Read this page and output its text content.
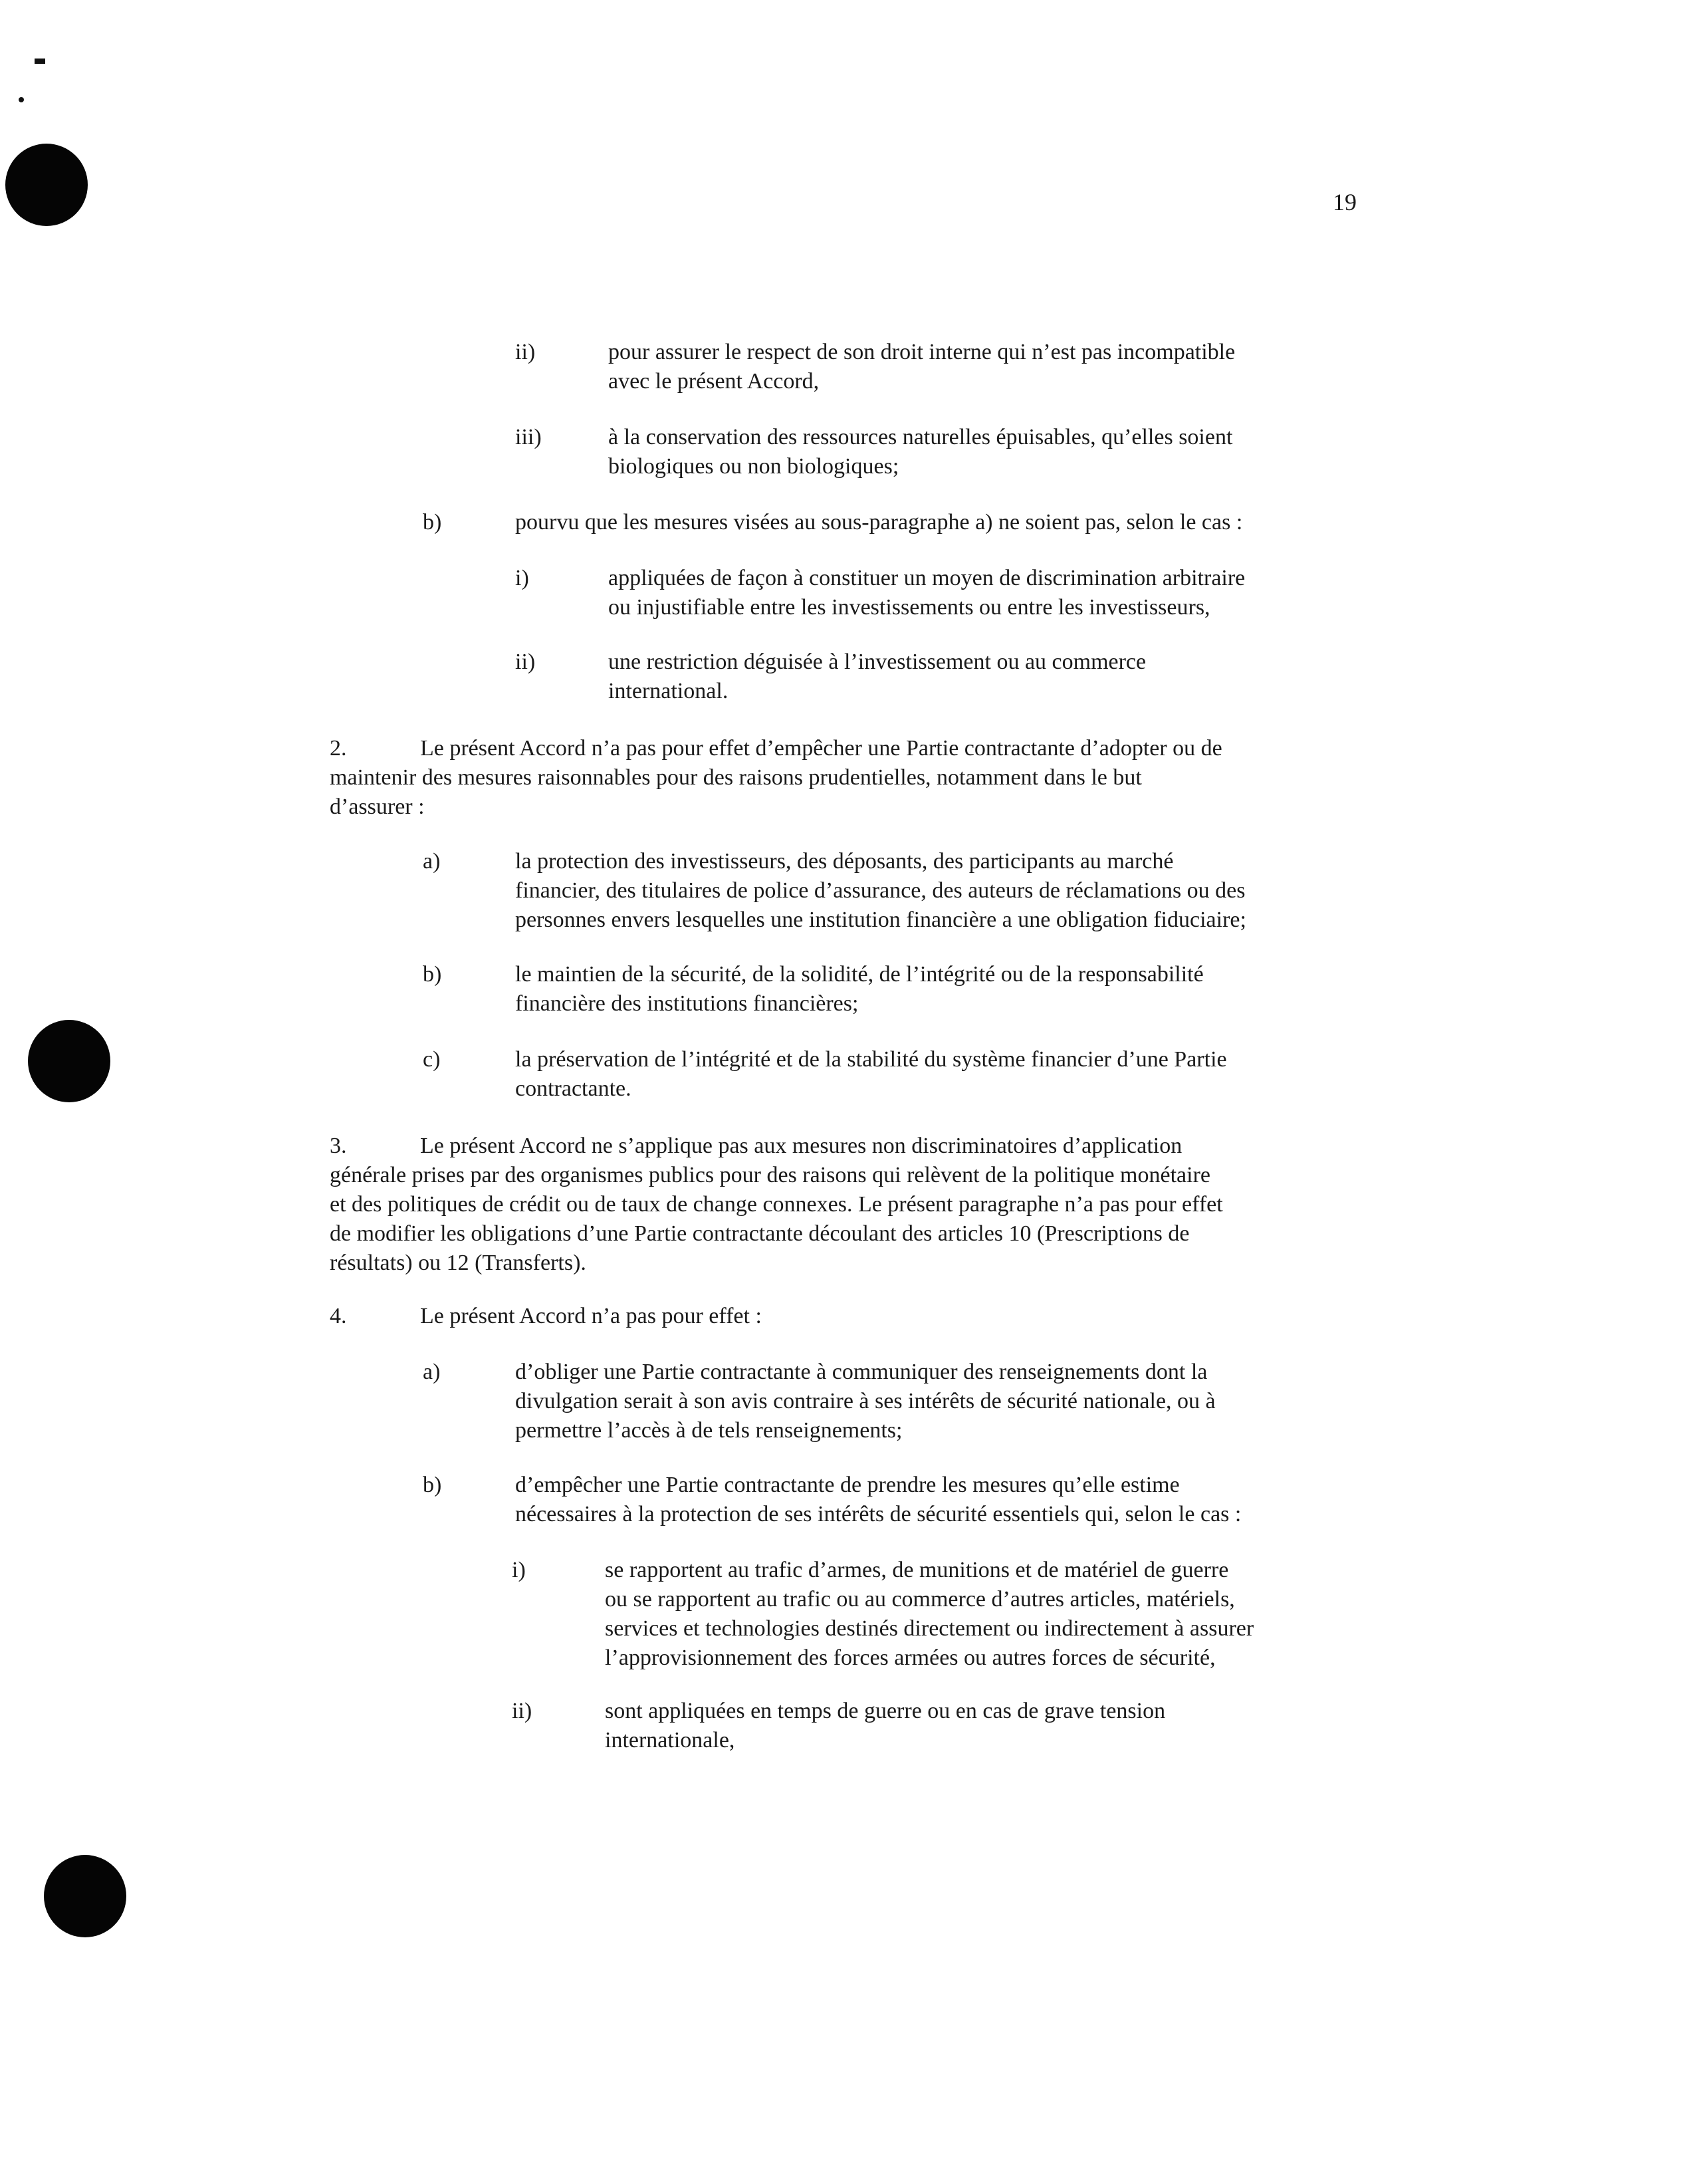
19
ii)	pour assurer le respect de son droit interne qui n’est pas incompatible
avec le présent Accord,
iii)	à la conservation des ressources naturelles épuisables, qu’elles soient
biologiques ou non biologiques;
b)	pourvu que les mesures visées au sous-paragraphe a) ne soient pas, selon le cas :
i)	appliquées de façon à constituer un moyen de discrimination arbitraire
ou injustifiable entre les investissements ou entre les investisseurs,
ii)	une restriction déguisée à l’investissement ou au commerce
international.
2.	Le présent Accord n’a pas pour effet d’empêcher une Partie contractante d’adopter ou de
maintenir des mesures raisonnables pour des raisons prudentielles, notamment dans le but
d’assurer :
a)	la protection des investisseurs, des déposants, des participants au marché
financier, des titulaires de police d’assurance, des auteurs de réclamations ou des
personnes envers lesquelles une institution financière a une obligation fiduciaire;
b)	le maintien de la sécurité, de la solidité, de l’intégrité ou de la responsabilité
financière des institutions financières;
c)	la préservation de l’intégrité et de la stabilité du système financier d’une Partie
contractante.
3.	Le présent Accord ne s’applique pas aux mesures non discriminatoires d’application
générale prises par des organismes publics pour des raisons qui relèvent de la politique monétaire
et des politiques de crédit ou de taux de change connexes. Le présent paragraphe n’a pas pour effet
de modifier les obligations d’une Partie contractante découlant des articles 10 (Prescriptions de
résultats) ou 12 (Transferts).
4.	Le présent Accord n’a pas pour effet :
a)	d’obliger une Partie contractante à communiquer des renseignements dont la
divulgation serait à son avis contraire à ses intérêts de sécurité nationale, ou à
permettre l’accès à de tels renseignements;
b)	d’empêcher une Partie contractante de prendre les mesures qu’elle estime
nécessaires à la protection de ses intérêts de sécurité essentiels qui, selon le cas :
i)	se rapportent au trafic d’armes, de munitions et de matériel de guerre
ou se rapportent au trafic ou au commerce d’autres articles, matériels,
services et technologies destinés directement ou indirectement à assurer
l’approvisionnement des forces armées ou autres forces de sécurité,
ii)	sont appliquées en temps de guerre ou en cas de grave tension
internationale,
